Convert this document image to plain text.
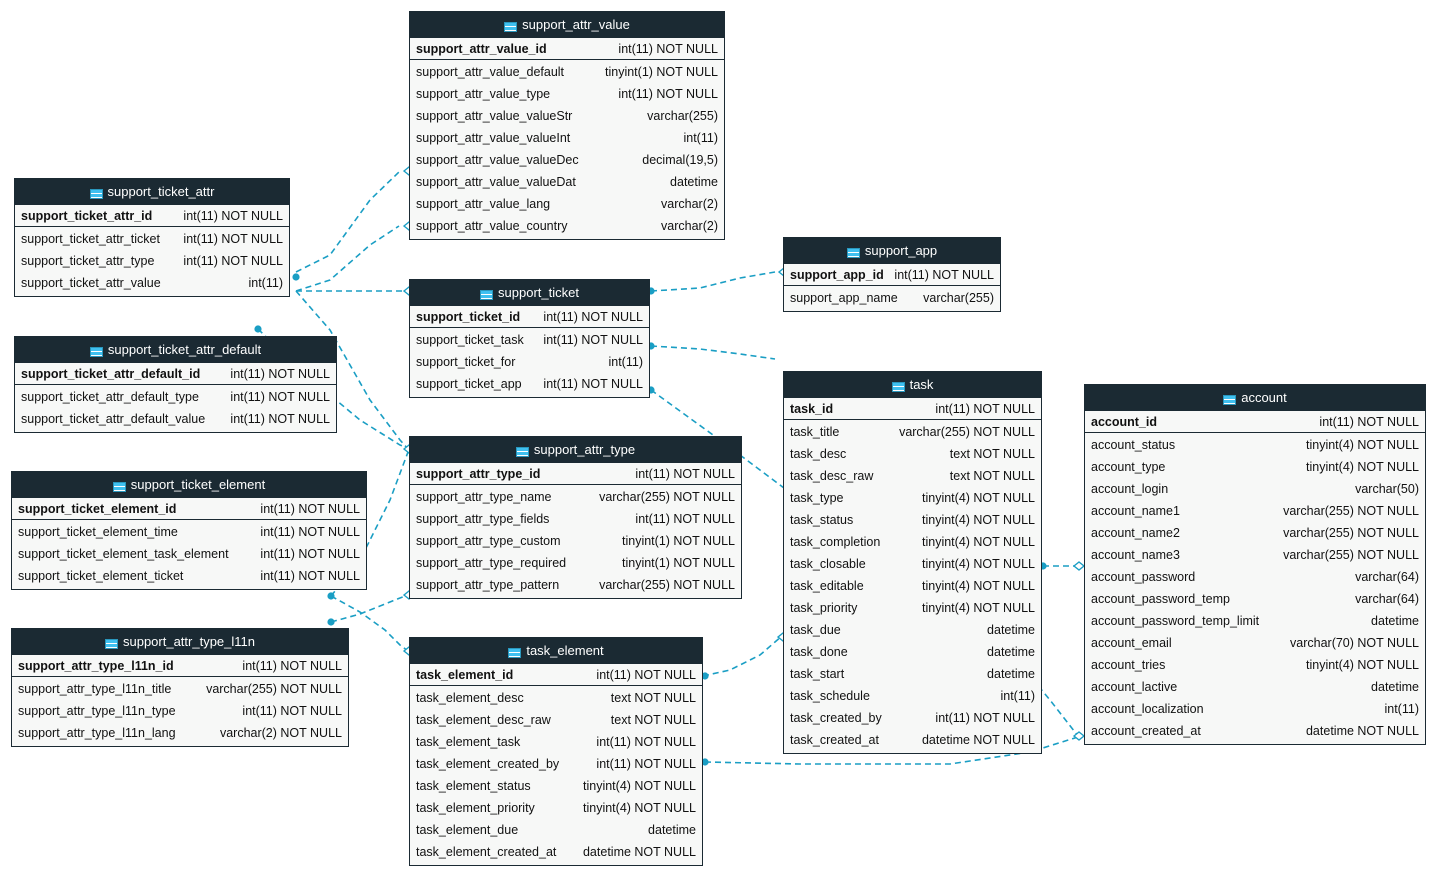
support_attr_value
support_attr_value_id	int(11) NOT NULL
support_attr_value_default	tinyint(1) NOT NULL
support_attr_value_type	int(11) NOT NULL
support_attr_value_valueStr	varchar(255)
support_attr_value_valueInt	int(11)
support_attr_value_valueDec	decimal(19,5)
support_attr_value_valueDat	datetime
support_attr_value_lang	varchar(2)
support_attr_value_country	varchar(2)
support_ticket_attr
support_ticket_attr_id	int(11) NOT NULL
support_ticket_attr_ticket	int(11) NOT NULL
support_ticket_attr_type	int(11) NOT NULL
support_ticket_attr_value	int(11)
support_app
support_app_id int(11) NOT NULL
support_app_name	varchar(255)
support_ticket
support_ticket_id	int(11) NOT NULL
support_ticket_task	int(11) NOT NULL
support_ticket_for	int(11)
support_ticket_app	int(11) NOT NULL
support_ticket_attr_default
support_ticket_attr_default_id	int(11) NOT NULL
support_ticket_attr_default_type	int(11) NOT NULL
support_ticket_attr_default_value	int(11) NOT NULL
task
task_id	int(11) NOT NULL
task_title	varchar(255) NOT NULL
task_desc	text NOT NULL
task_desc_raw	text NOT NULL
task_type	tinyint(4) NOT NULL
task_status	tinyint(4) NOT NULL
task_completion	tinyint(4) NOT NULL
task_closable	tinyint(4) NOT NULL
task_editable	tinyint(4) NOT NULL
task_priority	tinyint(4) NOT NULL
task_due	datetime
task_done	datetime
task_start	datetime
task_schedule	int(11)
task_created_by	int(11) NOT NULL
task_created_at	datetime NOT NULL
account
account_id	int(11) NOT NULL
account_status	tinyint(4) NOT NULL
account_type	tinyint(4) NOT NULL
account_login	varchar(50)
account_name1	varchar(255) NOT NULL
account_name2	varchar(255) NOT NULL
account_name3	varchar(255) NOT NULL
account_password	varchar(64)
account_password_temp	varchar(64)
account_password_temp_limit	datetime
account_email	varchar(70) NOT NULL
account_tries	tinyint(4) NOT NULL
account_lactive	datetime
account_localization	int(11)
account_created_at	datetime NOT NULL
support_attr_type
support_attr_type_id	int(11) NOT NULL
support_attr_type_name	varchar(255) NOT NULL
support_attr_type_fields	int(11) NOT NULL
support_attr_type_custom	tinyint(1) NOT NULL
support_attr_type_required	tinyint(1) NOT NULL
support_attr_type_pattern	varchar(255) NOT NULL
support_ticket_element
support_ticket_element_id	int(11) NOT NULL
support_ticket_element_time	int(11) NOT NULL
support_ticket_element_task_element	int(11) NOT NULL
support_ticket_element_ticket	int(11) NOT NULL
support_attr_type_l11n
support_attr_type_l11n_id	int(11) NOT NULL
support_attr_type_l11n_title	varchar(255) NOT NULL
support_attr_type_l11n_type	int(11) NOT NULL
support_attr_type_l11n_lang	varchar(2) NOT NULL
task_element
task_element_id	int(11) NOT NULL
task_element_desc	text NOT NULL
task_element_desc_raw	text NOT NULL
task_element_task	int(11) NOT NULL
task_element_created_by	int(11) NOT NULL
task_element_status	tinyint(4) NOT NULL
task_element_priority	tinyint(4) NOT NULL
task_element_due	datetime
task_element_created_at	datetime NOT NULL
